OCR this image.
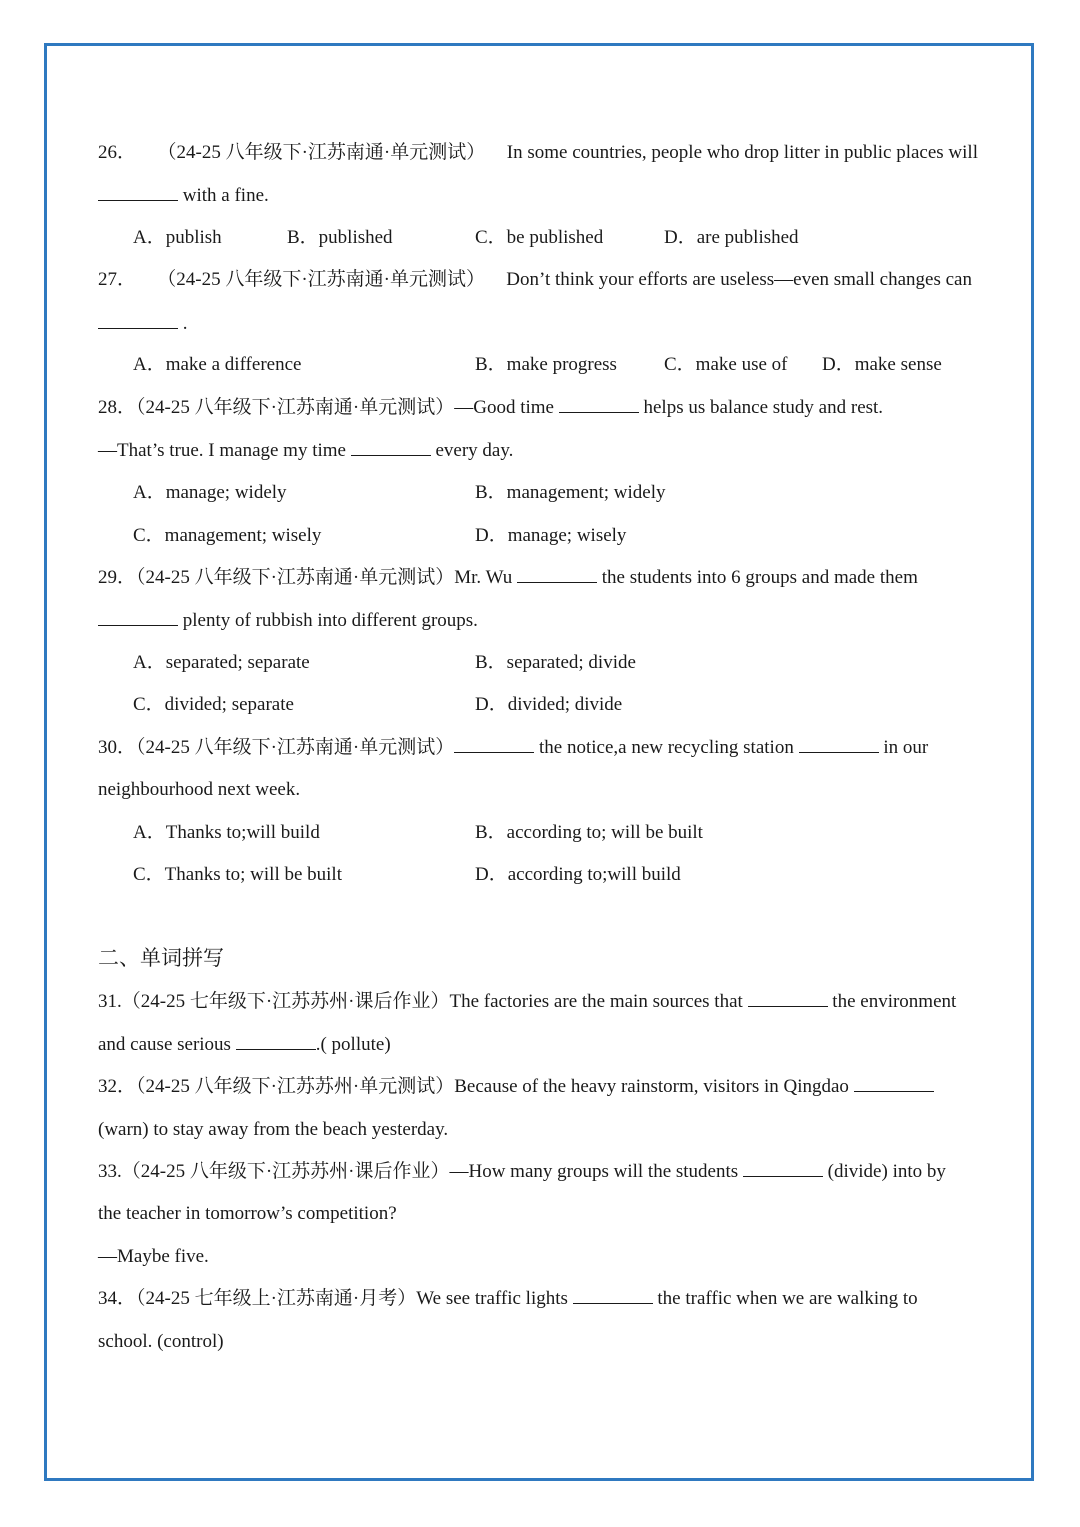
26． （24-25 八年级下·江苏南通·单元测试） In some countries, people who drop litter in public places will
with a fine.
A．publish	B．published	C．be published	D．are published
27． （24-25 八年级下·江苏南通·单元测试） Don’t think your efforts are useless—even small changes can
.
A．make a difference	B．make progress C．make use of D．make sense
28．（24-25 八年级下·江苏南通·单元测试）—Good time	helps us balance study and rest.
—That’s true. I manage my time	every day.
A．manage; widely	B．management; widely
C．management; wisely	D．manage; wisely
29．（24-25 八年级下·江苏南通·单元测试）Mr. Wu	the students into 6 groups and made them
plenty of rubbish into different groups.
A．separated; separate	B．separated; divide
C．divided; separate	D．divided; divide
30．（24-25 八年级下·江苏南通·单元测试）	the notice,a new recycling station	in our
neighbourhood next week.
A．Thanks to;will build	B．according to; will be built
C．Thanks to; will be built	D．according to;will build
二、单词拼写
31.（24-25 七年级下·江苏苏州·课后作业）The factories are the main sources that	the environment
and cause serious	.( pollute)
32．（24-25 八年级下·江苏苏州·单元测试）Because of the heavy rainstorm, visitors in Qingdao
(warn) to stay away from the beach yesterday.
33.（24-25 八年级下·江苏苏州·课后作业）—How many groups will the students	(divide) into by
the teacher in tomorrow’s competition?
—Maybe five.
34．（24-25 七年级上·江苏南通·月考）We see traffic lights	the traffic when we are walking to
school. (control)
